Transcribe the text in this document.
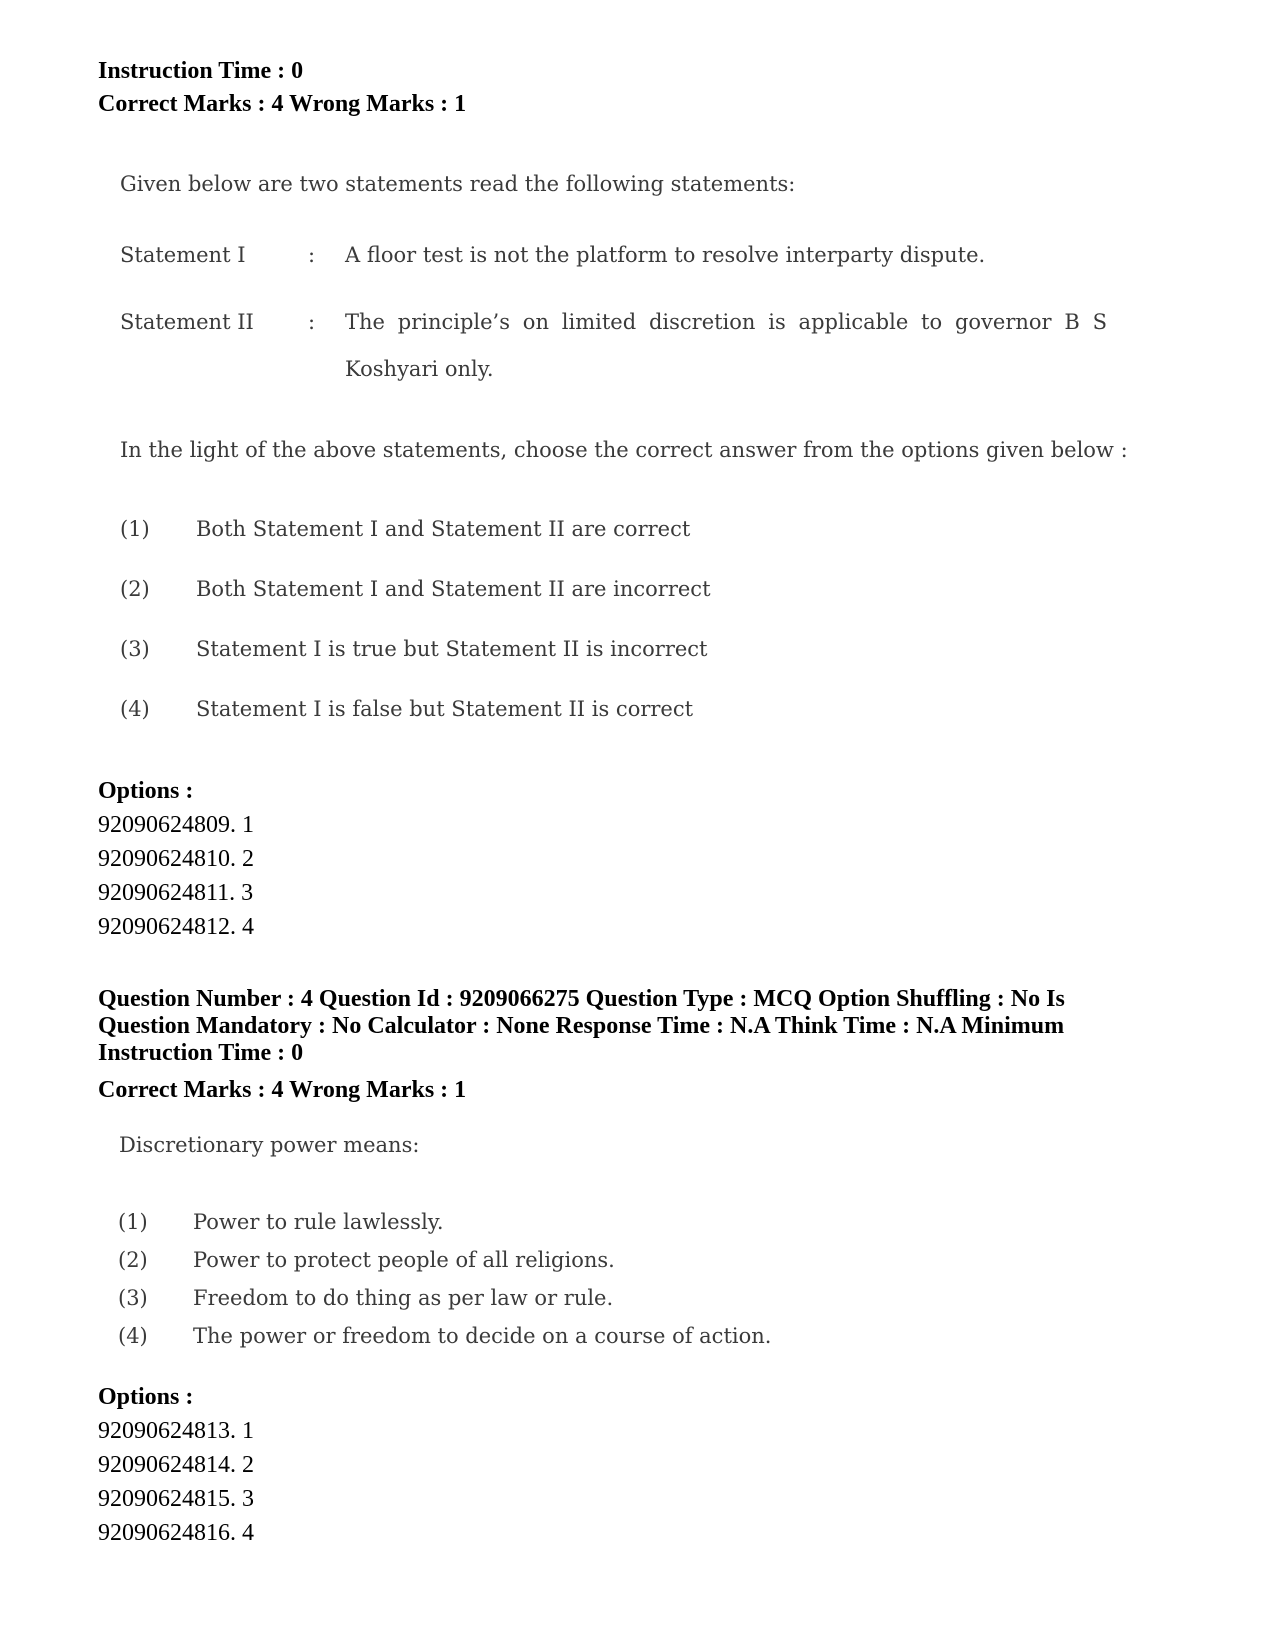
Instruction Time : 0
Correct Marks : 4 Wrong Marks : 1
Given below are two statements read the following statements:
Statement I	: A floor test is not the platform to resolve interparty dispute.
Statement II	: The principle’s on limited discretion is applicable to governor B S
Koshyari only.
In the light of the above statements, choose the correct answer from the options given below :
(1) Both Statement I and Statement II are correct
(2) Both Statement I and Statement II are incorrect
(3) Statement I is true but Statement II is incorrect
(4) Statement I is false but Statement II is correct
Options :
92090624809. 1
92090624810. 2
92090624811. 3
92090624812. 4
Question Number : 4 Question Id : 9209066275 Question Type : MCQ Option Shuffling : No Is Question Mandatory : No Calculator : None Response Time : N.A Think Time : N.A Minimum Instruction Time : 0
Correct Marks : 4 Wrong Marks : 1
Discretionary power means:
(1) Power to rule lawlessly.
(2) Power to protect people of all religions.
(3) Freedom to do thing as per law or rule.
(4) The power or freedom to decide on a course of action.
Options :
92090624813. 1
92090624814. 2
92090624815. 3
92090624816. 4
